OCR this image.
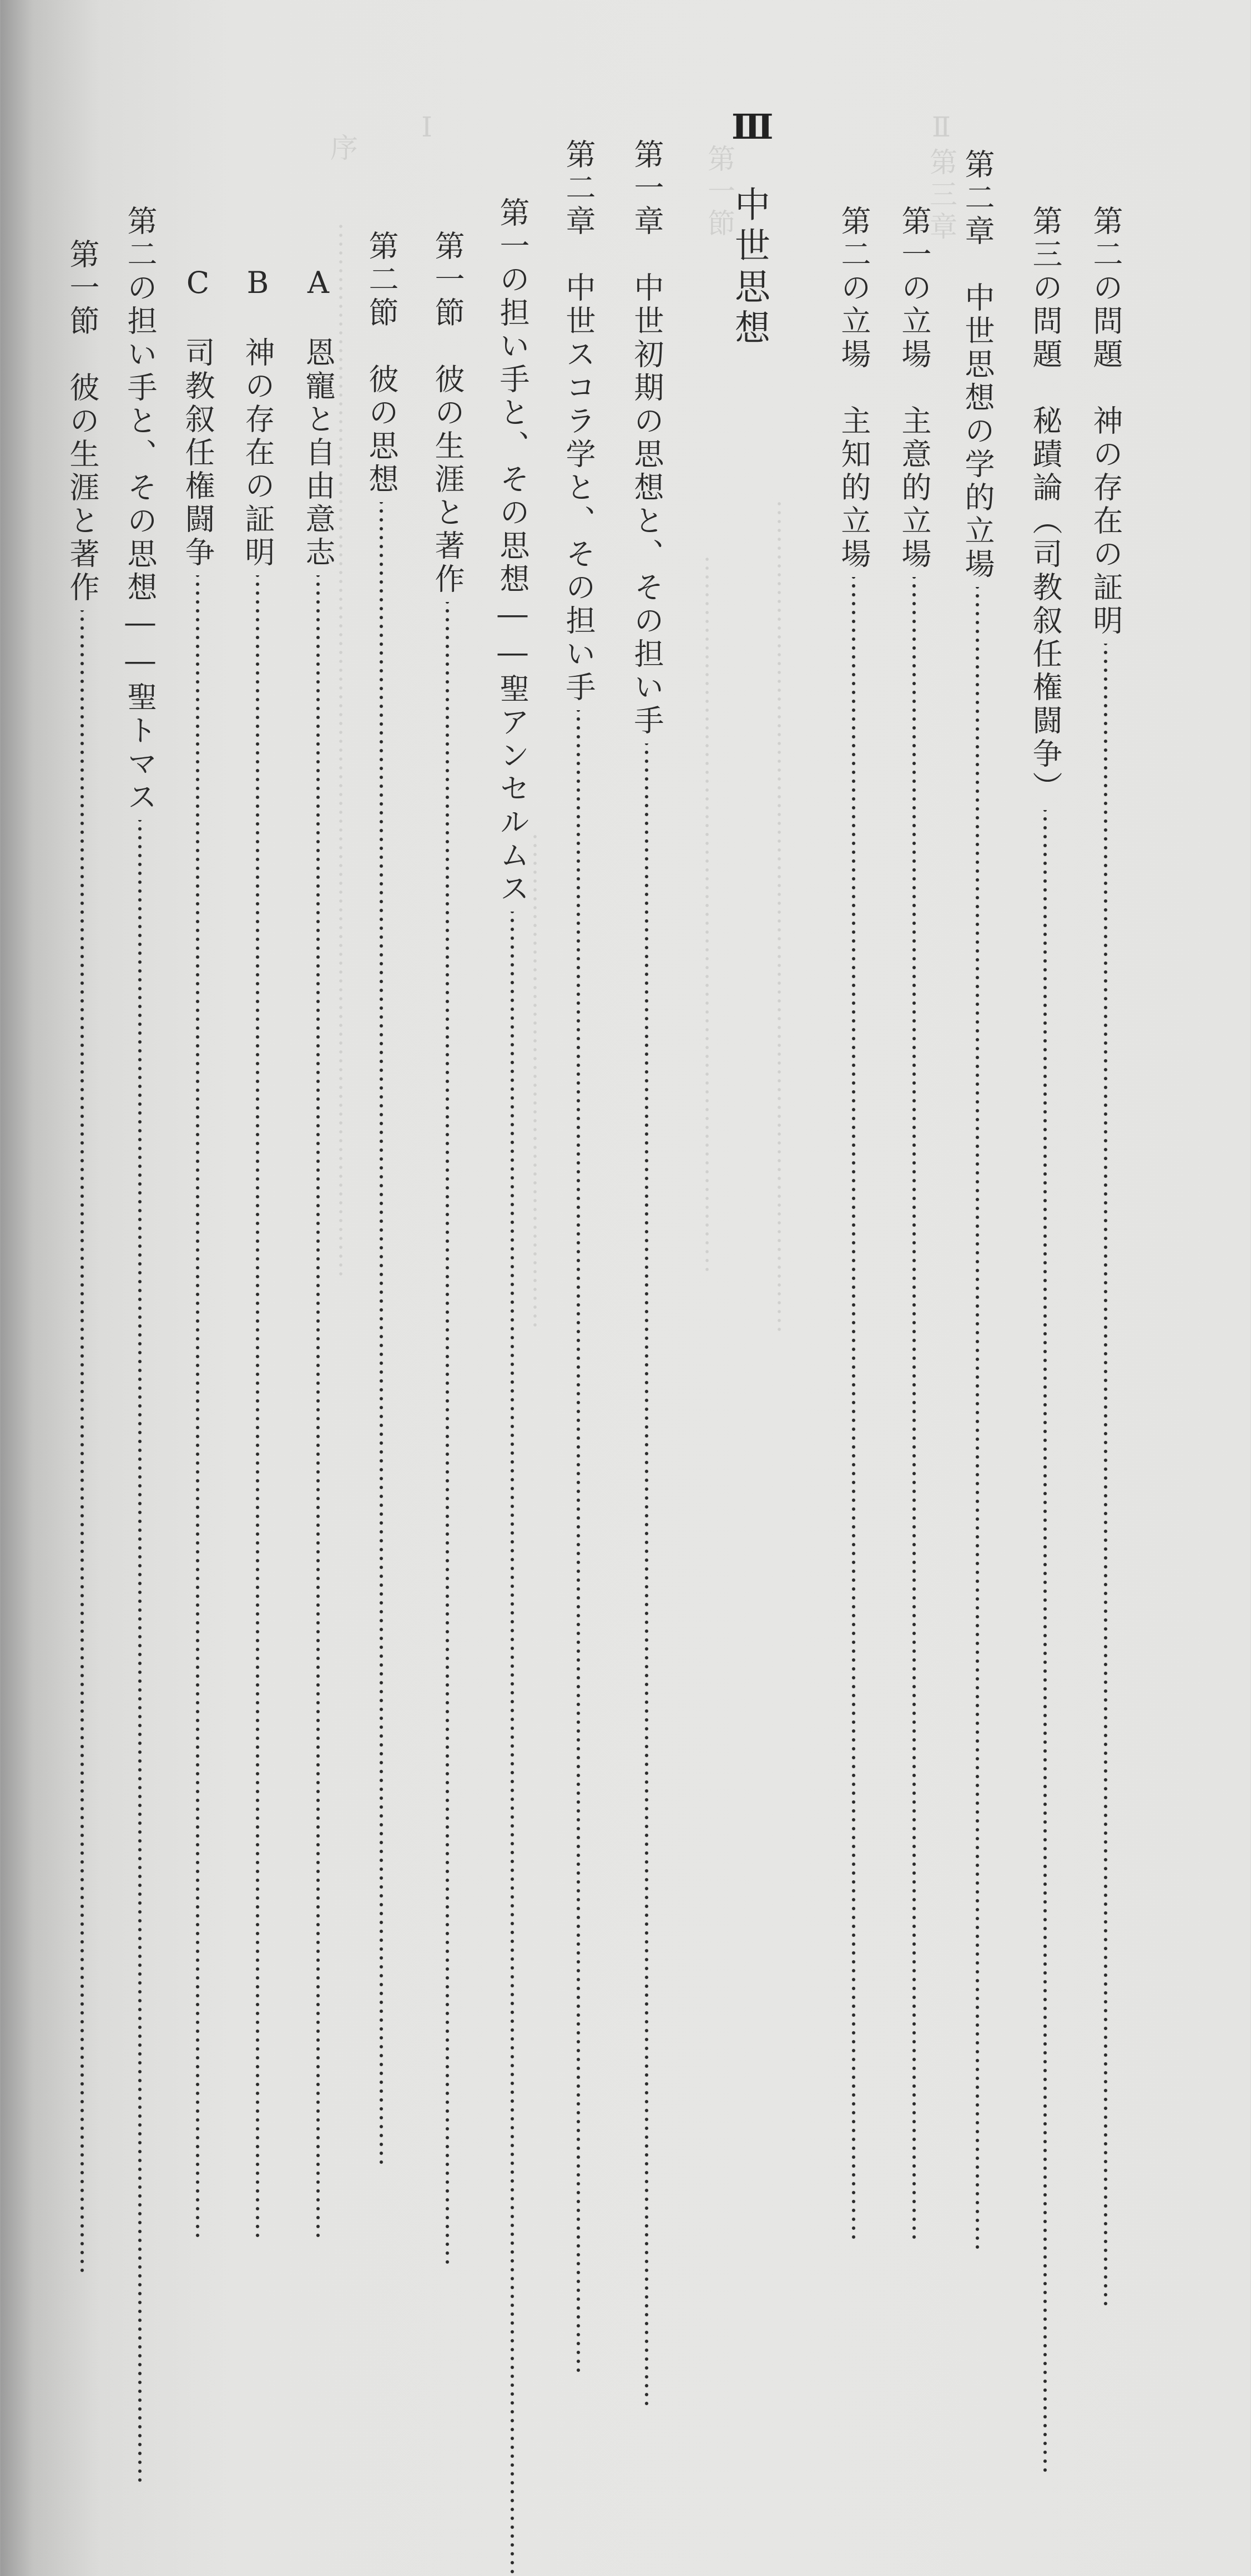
Ⅱ第三章
第一節
Ⅰ
序
Ⅲ
中世思想	第二の問題　神の存在の証明
第三の問題　秘蹟論（司教叙任権闘争）
第二章　中世思想の学的立場
第一の立場　主意的立場
第二の立場　主知的立場
第一章　中世初期の思想と、その担い手
第二章　中世スコラ学と、その担い手
第一の担い手と、その思想――聖アンセルムス
第一節　彼の生涯と著作
第二節　彼の思想
A　恩寵と自由意志
B　神の存在の証明
C　司教叙任権闘争
第二の担い手と、その思想――聖トマス
第一節　彼の生涯と著作
